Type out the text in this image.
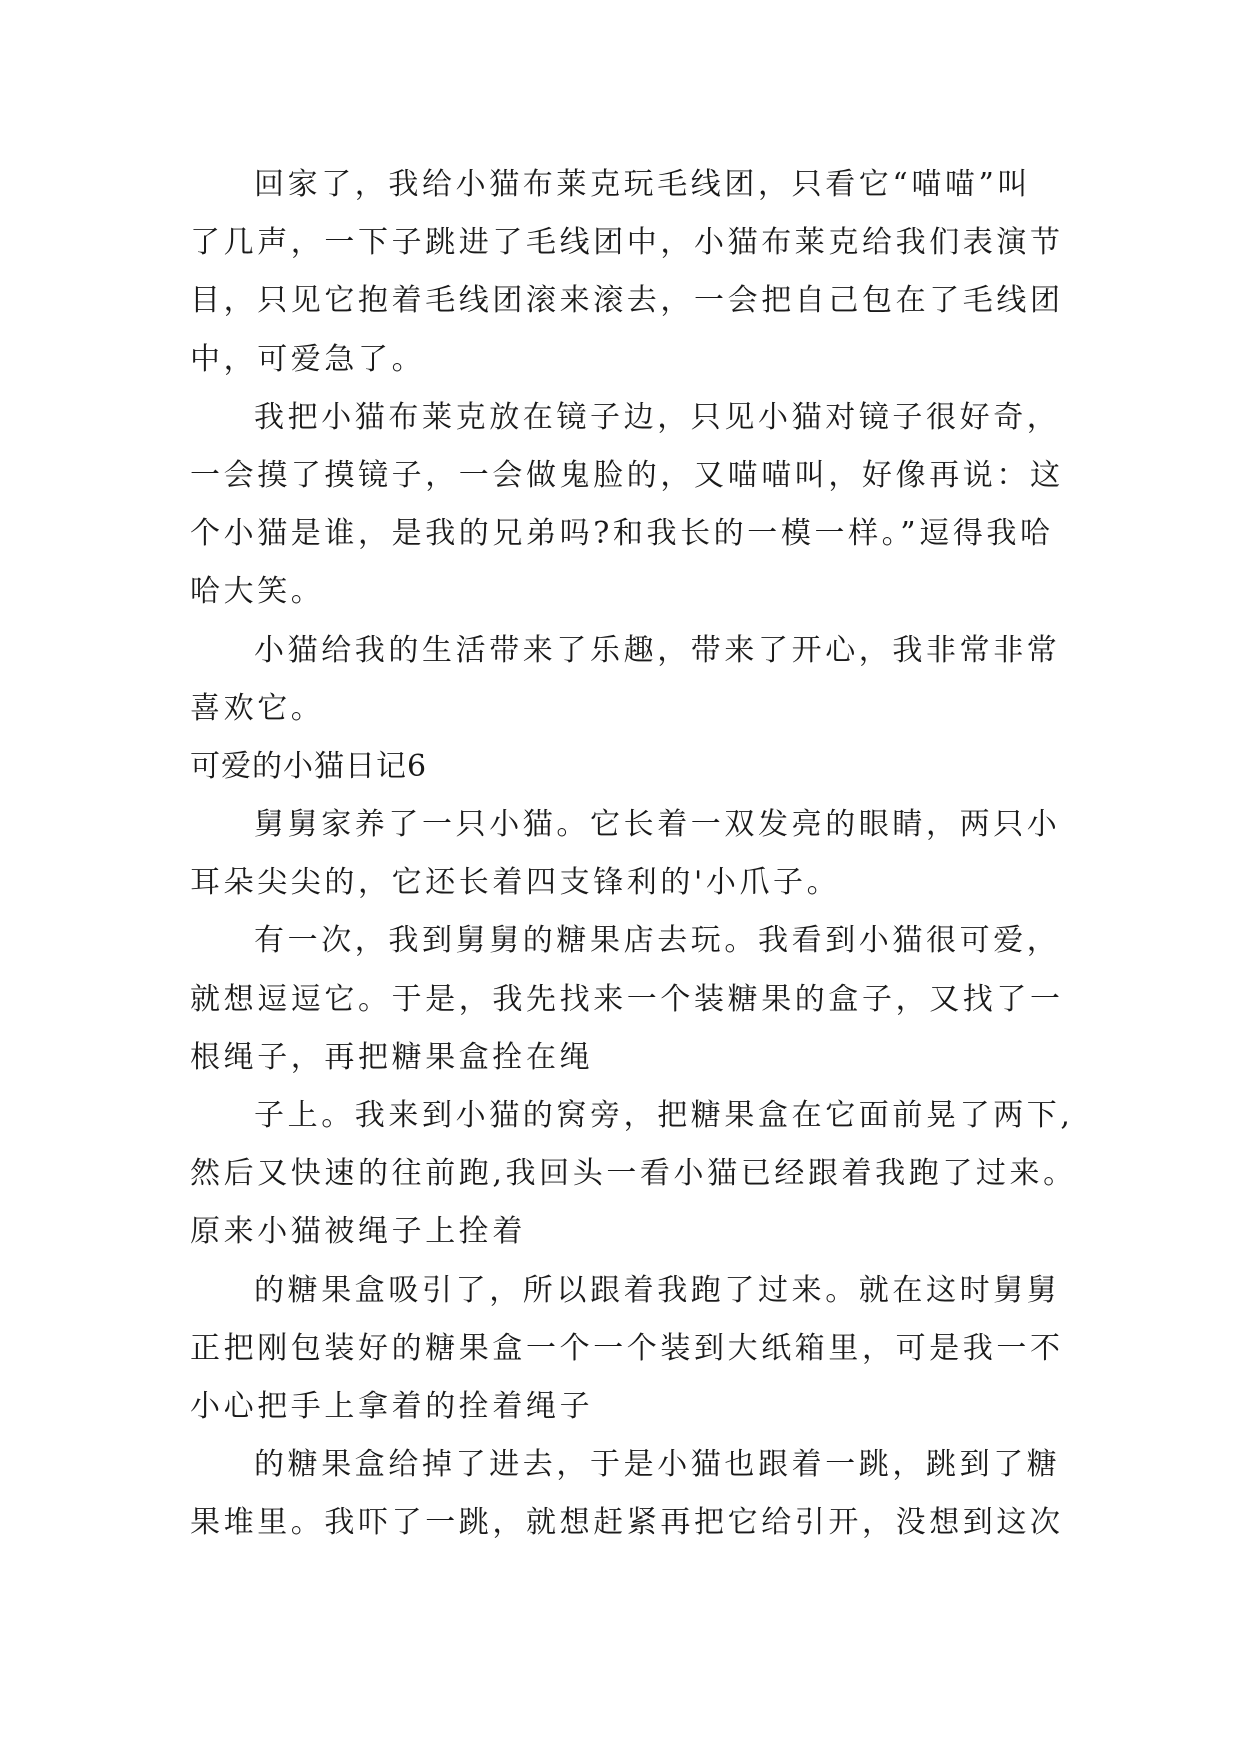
回家了，我给小猫布莱克玩毛线团，只看它“喵喵”叫
了几声，一下子跳进了毛线团中，小猫布莱克给我们表演节
目，只见它抱着毛线团滚来滚去，一会把自己包在了毛线团
中，可爱急了。
我把小猫布莱克放在镜子边，只见小猫对镜子很好奇，
一会摸了摸镜子，一会做鬼脸的，又喵喵叫，好像再说：这
个小猫是谁，是我的兄弟吗?和我长的一模一样。”逗得我哈
哈大笑。
小猫给我的生活带来了乐趣，带来了开心，我非常非常
喜欢它。
可爱的小猫日记6
舅舅家养了一只小猫。它长着一双发亮的眼睛，两只小
耳朵尖尖的，它还长着四支锋利的'小爪子。
有一次，我到舅舅的糖果店去玩。我看到小猫很可爱，
就想逗逗它。于是，我先找来一个装糖果的盒子，又找了一
根绳子，再把糖果盒拴在绳
子上。我来到小猫的窝旁，把糖果盒在它面前晃了两下,
然后又快速的往前跑,我回头一看小猫已经跟着我跑了过来。
原来小猫被绳子上拴着
的糖果盒吸引了，所以跟着我跑了过来。就在这时舅舅
正把刚包装好的糖果盒一个一个装到大纸箱里，可是我一不
小心把手上拿着的拴着绳子
的糖果盒给掉了进去，于是小猫也跟着一跳，跳到了糖
果堆里。我吓了一跳，就想赶紧再把它给引开，没想到这次
